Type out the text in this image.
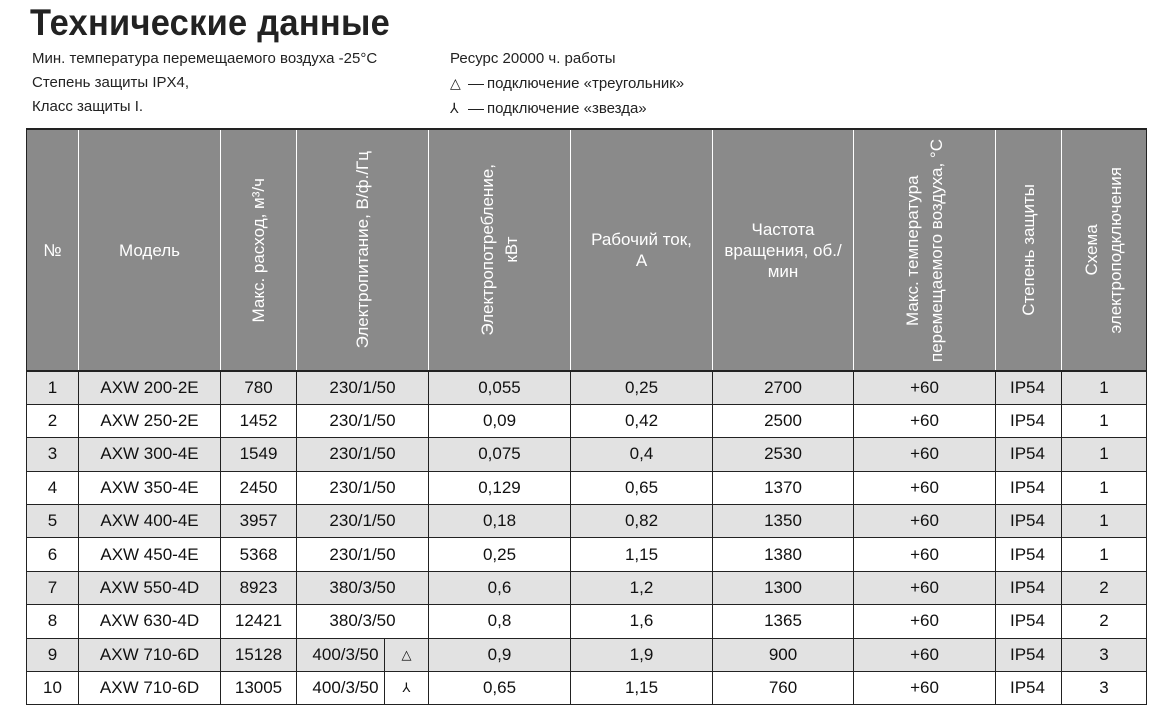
Технические данные
Мин. температура перемещаемого воздуха -25°C
Степень защиты IPX4,
Класс защиты I.
Ресурс 20000 ч. работы
△ подключение «треугольник»
⅄ подключение «звезда»
№	Модель	Макс. расход, м³/ч	Электропитание, В/ф./Гц	Электропотребление, кВт	Рабочий ток,
А	Частота
вращения, об./
мин	Макс. температура перемещаемого воздуха, °С	Степень защиты	Схема электроподключения

1	AXW 200-2E	780	230/1/50	0,055	0,25	2700	+60	IP54	1
2	AXW 250-2E	1452	230/1/50	0,09	0,42	2500	+60	IP54	1
3	AXW 300-4E	1549	230/1/50	0,075	0,4	2530	+60	IP54	1
4	AXW 350-4E	2450	230/1/50	0,129	0,65	1370	+60	IP54	1
5	AXW 400-4E	3957	230/1/50	0,18	0,82	1350	+60	IP54	1
6	AXW 450-4E	5368	230/1/50	0,25	1,15	1380	+60	IP54	1
7	AXW 550-4D	8923	380/3/50	0,6	1,2	1300	+60	IP54	2
8	AXW 630-4D	12421	380/3/50	0,8	1,6	1365	+60	IP54	2
9	AXW 710-6D	15128	400/3/50 △	0,9	1,9	900	+60	IP54	3
10	AXW 710-6D	13005	400/3/50 ⅄	0,65	1,15	760	+60	IP54	3
